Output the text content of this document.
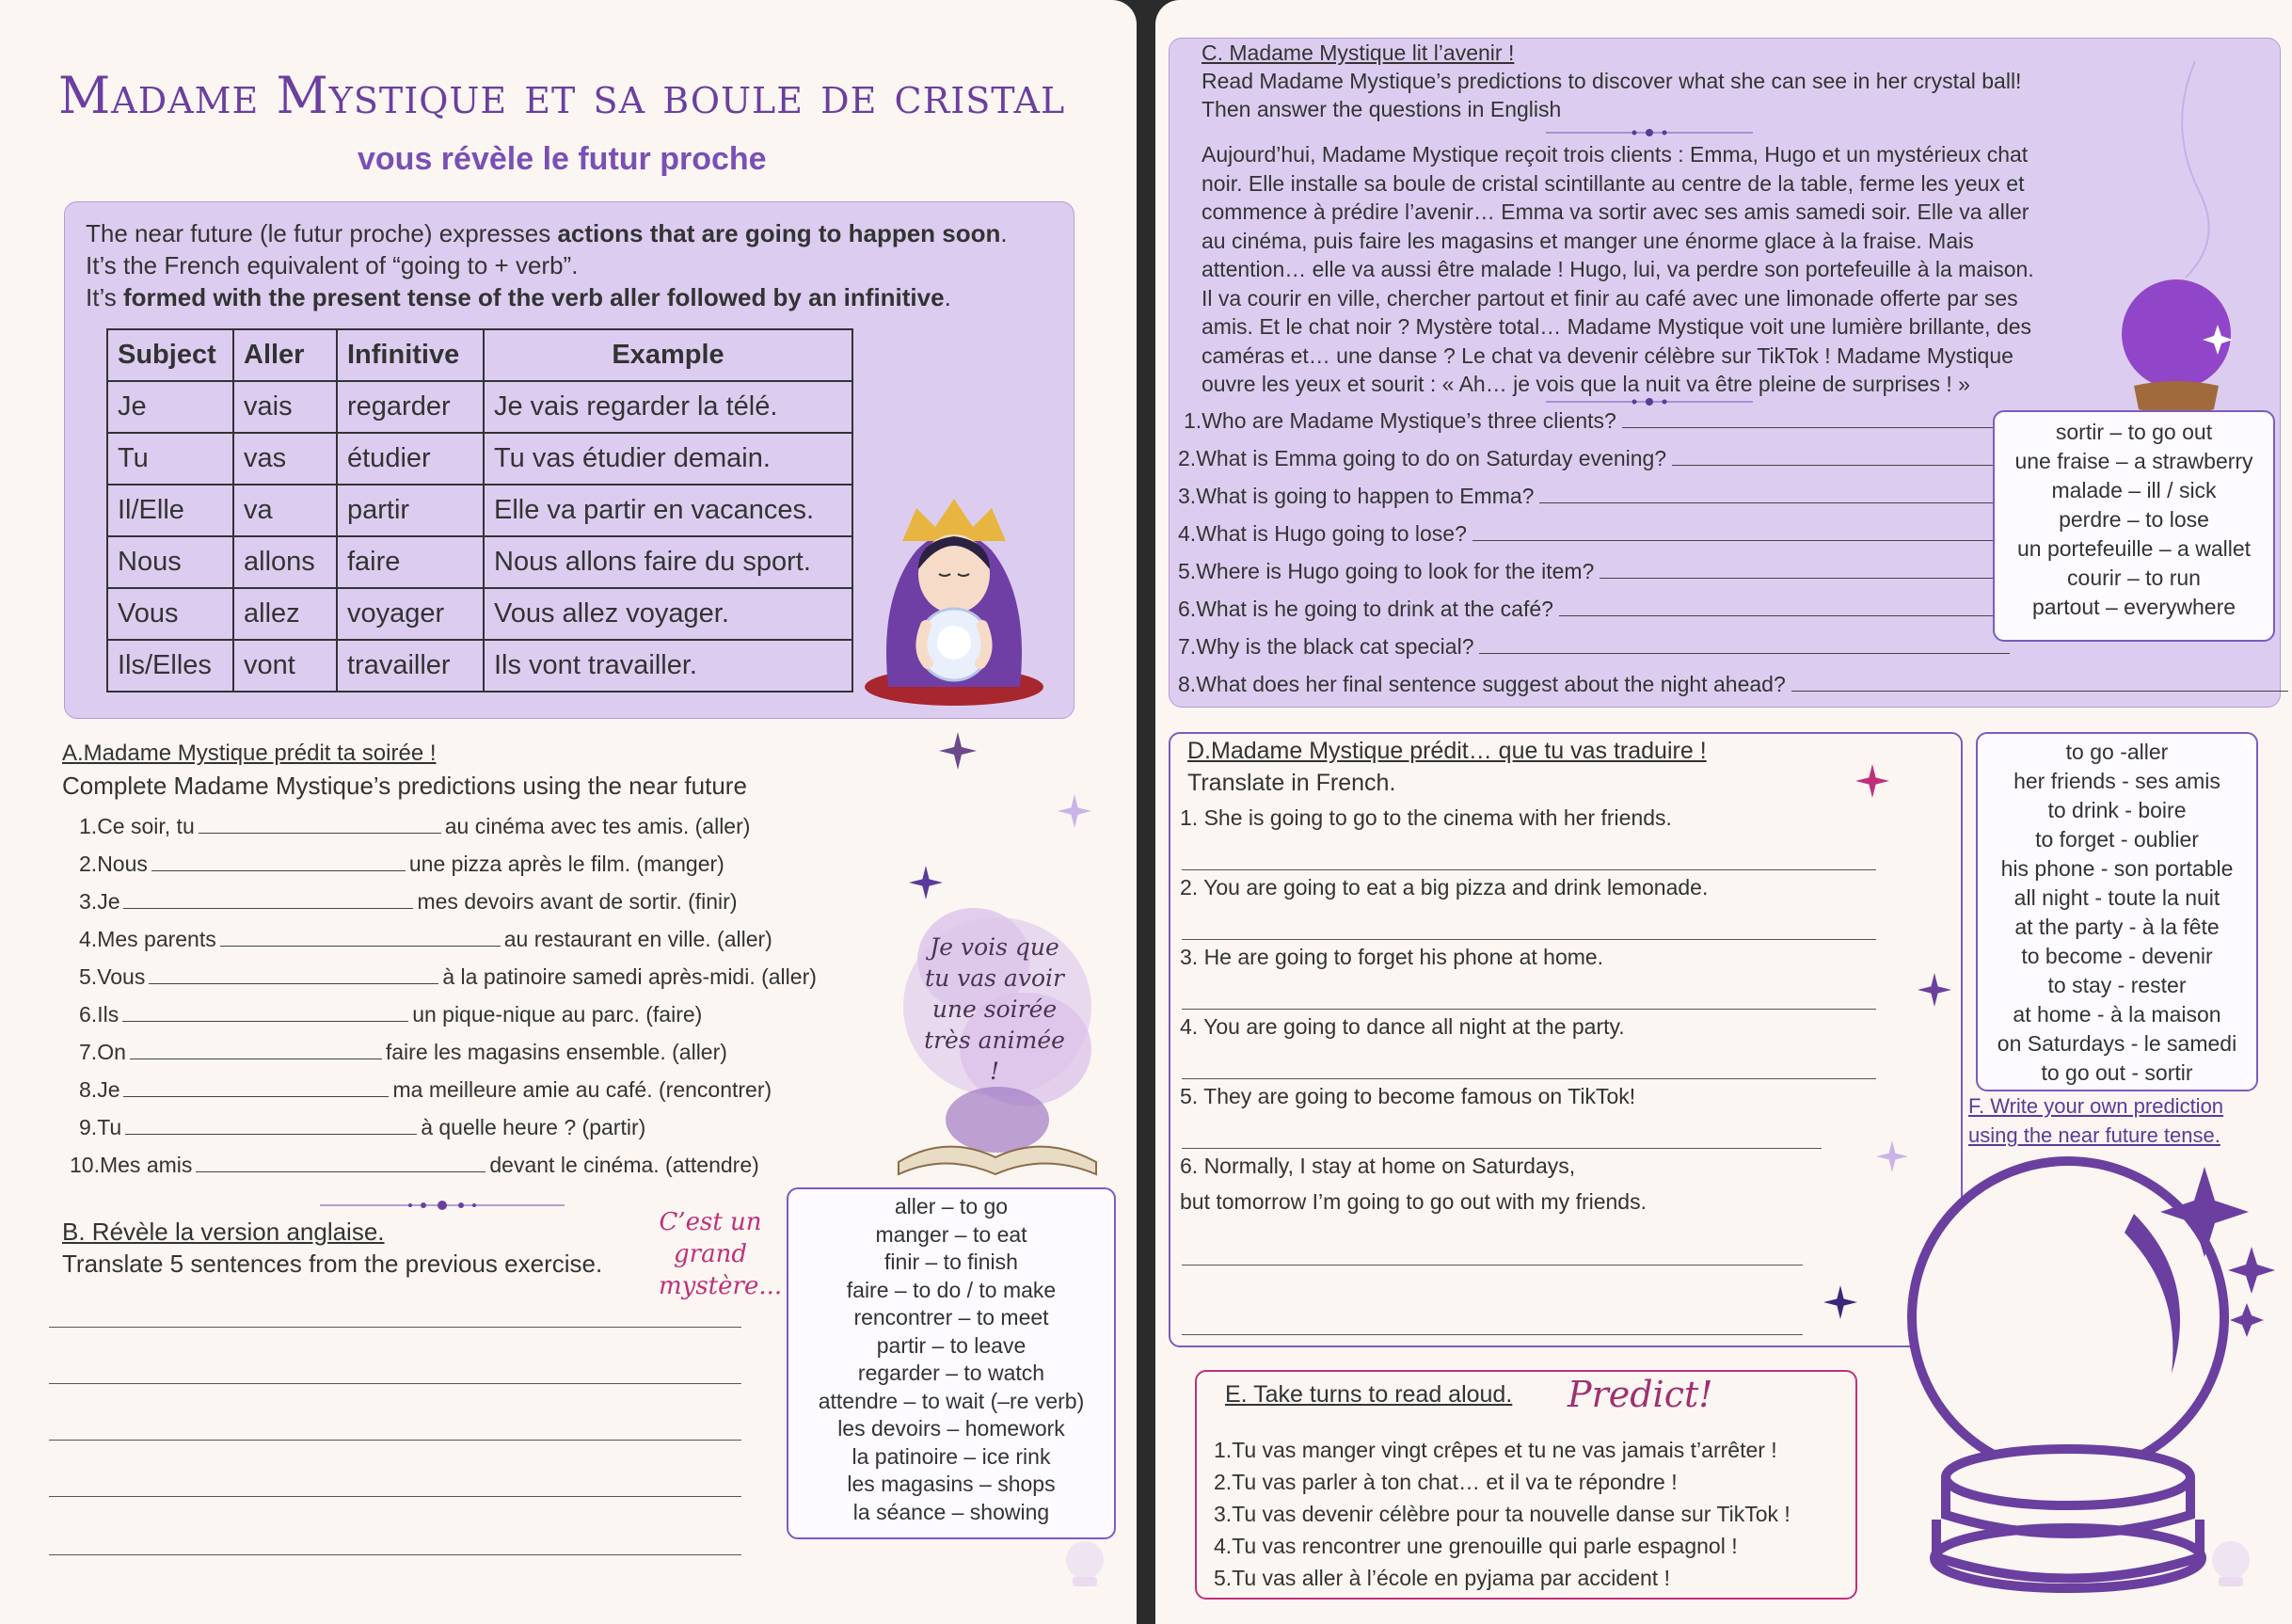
Madame Mystique et sa boule de cristal
vous révèle le futur proche
The near future (le futur proche) expresses actions that are going to happen soon.
It’s the French equivalent of “going to + verb”.
It’s formed with the present tense of the verb aller followed by an infinitive.
Subject	Aller	Infinitive	Example
Je	vais	regarder	Je vais regarder la télé.
Tu	vas	étudier	Tu vas étudier demain.
Il/Elle	va	partir	Elle va partir en vacances.
Nous	allons	faire	Nous allons faire du sport.
Vous	allez	voyager	Vous allez voyager.
Ils/Elles	vont	travailler	Ils vont travailler.
A.Madame Mystique prédit ta soirée !
Complete Madame Mystique’s predictions using the near future
1.Ce soir, tu	au cinéma avec tes amis. (aller)
2.Nous	une pizza après le film. (manger)
3.Je	mes devoirs avant de sortir. (finir)
4.Mes parents	au restaurant en ville. (aller)
5.Vous	à la patinoire samedi après-midi. (aller)
6.Ils	un pique-nique au parc. (faire)
7.On	faire les magasins ensemble. (aller)
8.Je	ma meilleure amie au café. (rencontrer)
9.Tu	à quelle heure ? (partir)
10.Mes amis	devant le cinéma. (attendre)
Je vois que tu vas avoir une soirée très animée !
B. Révèle la version anglaise.
Translate 5 sentences from the previous exercise.
C’est un grand mystère...
aller – to go
manger – to eat
finir – to finish
faire – to do / to make
rencontrer – to meet
partir – to leave
regarder – to watch
attendre – to wait (–re verb)
les devoirs – homework
la patinoire – ice rink
les magasins – shops
la séance – showing
C. Madame Mystique lit l’avenir !
Read Madame Mystique’s predictions to discover what she can see in her crystal ball!
Then answer the questions in English
Aujourd’hui, Madame Mystique reçoit trois clients : Emma, Hugo et un mystérieux chat
noir. Elle installe sa boule de cristal scintillante au centre de la table, ferme les yeux et
commence à prédire l’avenir… Emma va sortir avec ses amis samedi soir. Elle va aller
au cinéma, puis faire les magasins et manger une énorme glace à la fraise. Mais
attention… elle va aussi être malade ! Hugo, lui, va perdre son portefeuille à la maison.
Il va courir en ville, chercher partout et finir au café avec une limonade offerte par ses
amis. Et le chat noir ? Mystère total… Madame Mystique voit une lumière brillante, des
caméras et… une danse ? Le chat va devenir célèbre sur TikTok ! Madame Mystique
ouvre les yeux et sourit : « Ah… je vois que la nuit va être pleine de surprises ! »
1. Who are Madame Mystique’s three clients?
2. What is Emma going to do on Saturday evening?
3. What is going to happen to Emma?
4. What is Hugo going to lose?
5. Where is Hugo going to look for the item?
6. What is he going to drink at the café?
7. Why is the black cat special?
8. What does her final sentence suggest about the night ahead?
sortir – to go out
une fraise – a strawberry
malade – ill / sick
perdre – to lose
un portefeuille – a wallet
courir – to run
partout – everywhere
D.Madame Mystique prédit… que tu vas traduire !
Translate in French.
1. She is going to go to the cinema with her friends.
2. You are going to eat a big pizza and drink lemonade.
3. He are going to forget his phone at home.
4. You are going to dance all night at the party.
5. They are going to become famous on TikTok!
6. Normally, I stay at home on Saturdays,
but tomorrow I’m going to go out with my friends.
to go -aller
her friends - ses amis
to drink - boire
to forget - oublier
his phone - son portable
all night - toute la nuit
at the party - à la fête
to become - devenir
to stay - rester
at home - à la maison
on Saturdays - le samedi
to go out - sortir
F. Write your own prediction
using the near future tense.
E. Take turns to read aloud. Predict!
1.Tu vas manger vingt crêpes et tu ne vas jamais t’arrêter !
2.Tu vas parler à ton chat… et il va te répondre !
3.Tu vas devenir célèbre pour ta nouvelle danse sur TikTok !
4.Tu vas rencontrer une grenouille qui parle espagnol !
5.Tu vas aller à l’école en pyjama par accident !
